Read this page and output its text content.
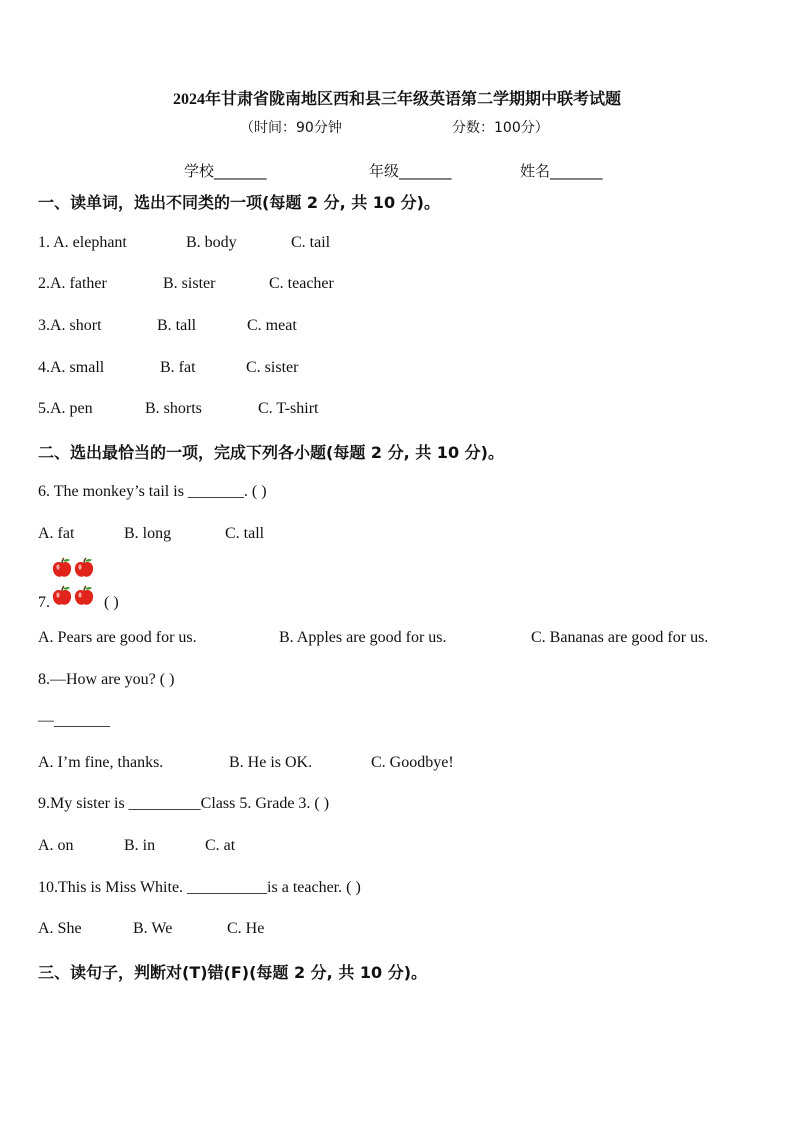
2024年甘肃省陇南地区西和县三年级英语第二学期期中联考试题
（时间：90分钟	分数：100分）
学校_______	年级_______	姓名_______
一、读单词，选出不同类的一项(每题 2 分, 共 10 分)。
1. A. elephant	B. body	C. tail
2.A. father	B. sister	C. teacher
3.A. short	B. tall	C. meat
4.A. small	B. fat	C. sister
5.A. pen	B. shorts	C. T-shirt
二、选出最恰当的一项，完成下列各小题(每题 2 分, 共 10 分)。
6. The monkey’s tail is _______. ( )
A. fat	B. long	C. tall
7.	( )
A. Pears are good for us.	B. Apples are good for us.	C. Bananas are good for us.
8.—How are you? ( )
—_______
A. I’m fine, thanks.	B. He is OK.	C. Goodbye!
9.My sister is _________Class 5. Grade 3. ( )
A. on	B. in	C. at
10.This is Miss White. __________is a teacher. ( )
A. She	B. We	C. He
三、读句子，判断对(T)错(F)(每题 2 分, 共 10 分)。
